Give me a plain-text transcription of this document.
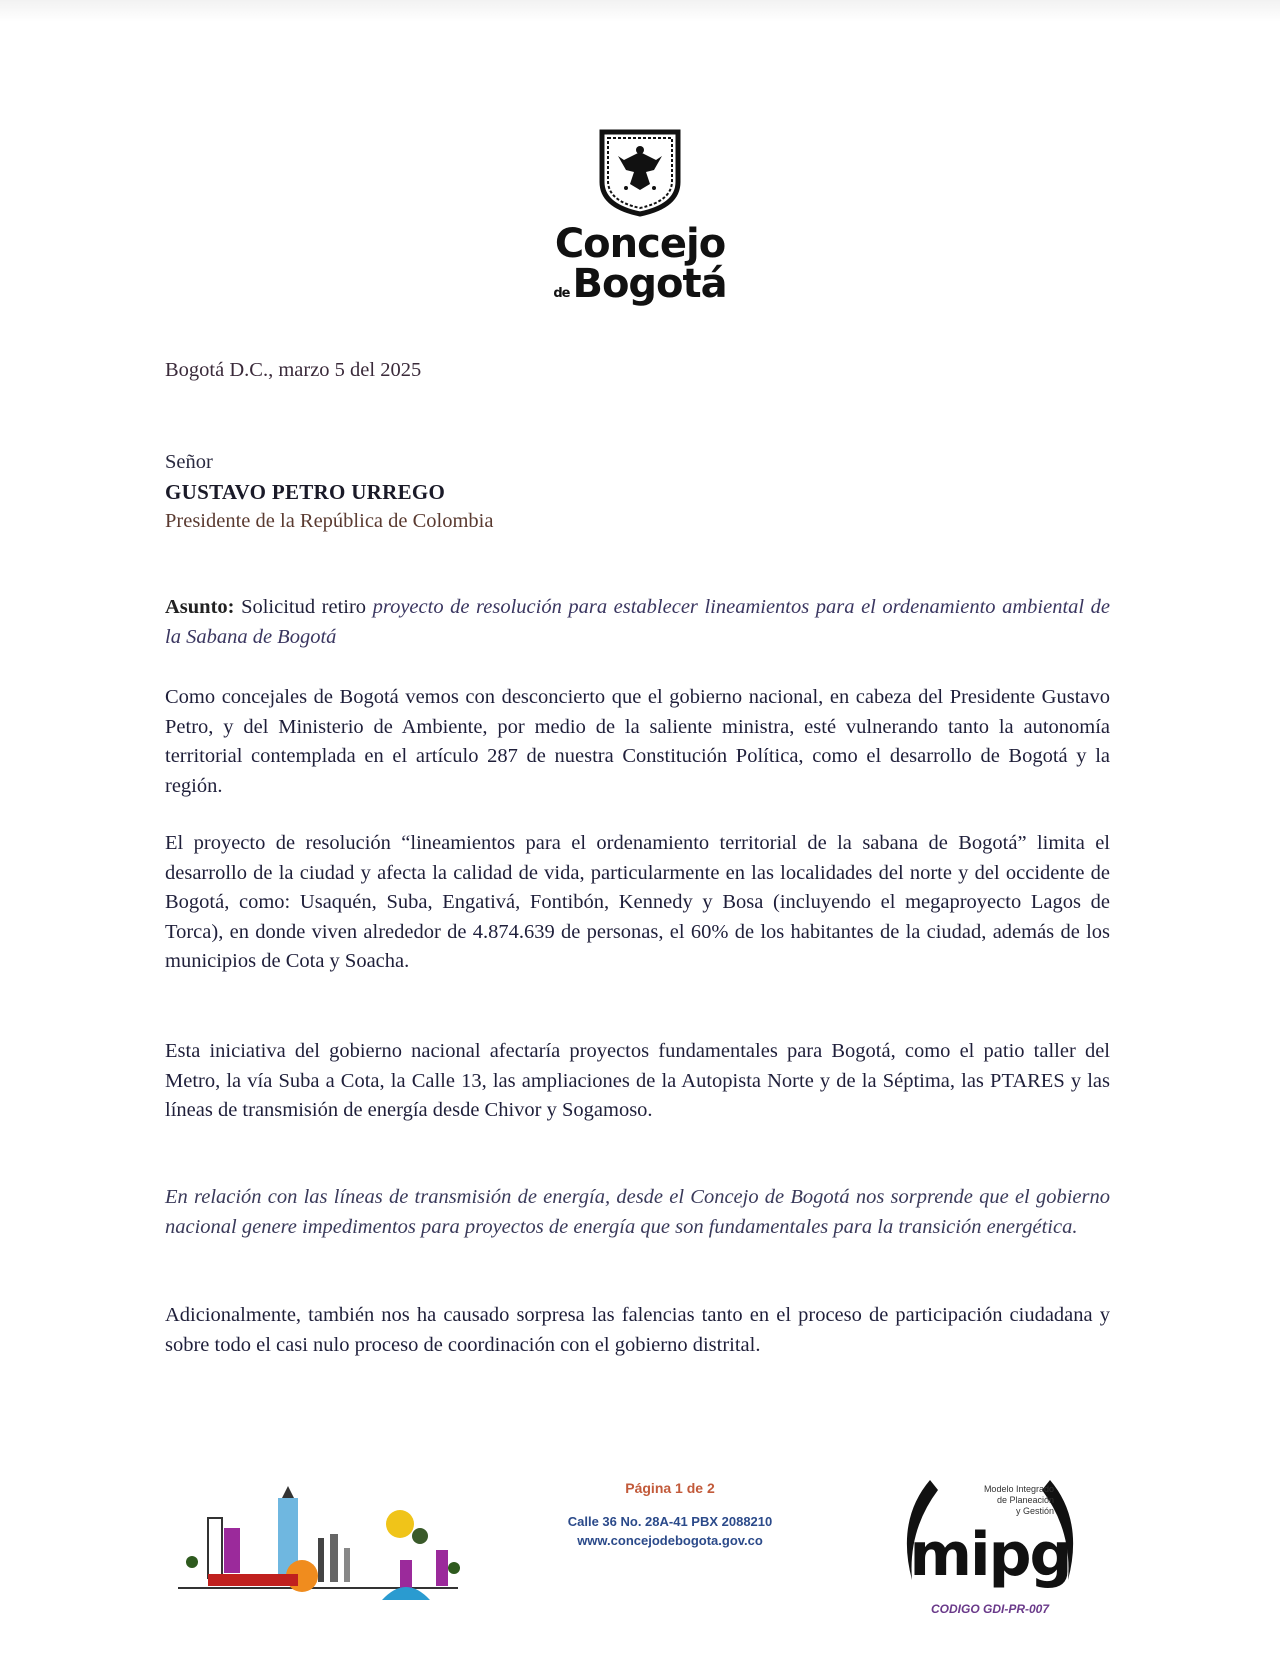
Concejo
de Bogotá
Bogotá D.C., marzo 5 del 2025
Señor
GUSTAVO PETRO URREGO
Presidente de la República de Colombia
Asunto: Solicitud retiro proyecto de resolución para establecer lineamientos para el ordenamiento ambiental de la Sabana de Bogotá
Como concejales de Bogotá vemos con desconcierto que el gobierno nacional, en cabeza del Presidente Gustavo Petro, y del Ministerio de Ambiente, por medio de la saliente ministra, esté vulnerando tanto la autonomía territorial contemplada en el artículo 287 de nuestra Constitución Política, como el desarrollo de Bogotá y la región.
El proyecto de resolución “lineamientos para el ordenamiento territorial de la sabana de Bogotá” limita el desarrollo de la ciudad y afecta la calidad de vida, particularmente en las localidades del norte y del occidente de Bogotá, como: Usaquén, Suba, Engativá, Fontibón, Kennedy y Bosa (incluyendo el megaproyecto Lagos de Torca), en donde viven alrededor de 4.874.639 de personas, el 60% de los habitantes de la ciudad, además de los municipios de Cota y Soacha.
Esta iniciativa del gobierno nacional afectaría proyectos fundamentales para Bogotá, como el patio taller del Metro, la vía Suba a Cota, la Calle 13, las ampliaciones de la Autopista Norte y de la Séptima, las PTARES y las líneas de transmisión de energía desde Chivor y Sogamoso.
En relación con las líneas de transmisión de energía, desde el Concejo de Bogotá nos sorprende que el gobierno nacional genere impedimentos para proyectos de energía que son fundamentales para la transición energética.
Adicionalmente, también nos ha causado sorpresa las falencias tanto en el proceso de participación ciudadana y sobre todo el casi nulo proceso de coordinación con el gobierno distrital.
Página 1 de 2
Calle 36 No. 28A-41 PBX 2088210
www.concejodebogota.gov.co
Modelo Integrado
de Planeación
y Gestión
mipg
CODIGO GDI-PR-007
